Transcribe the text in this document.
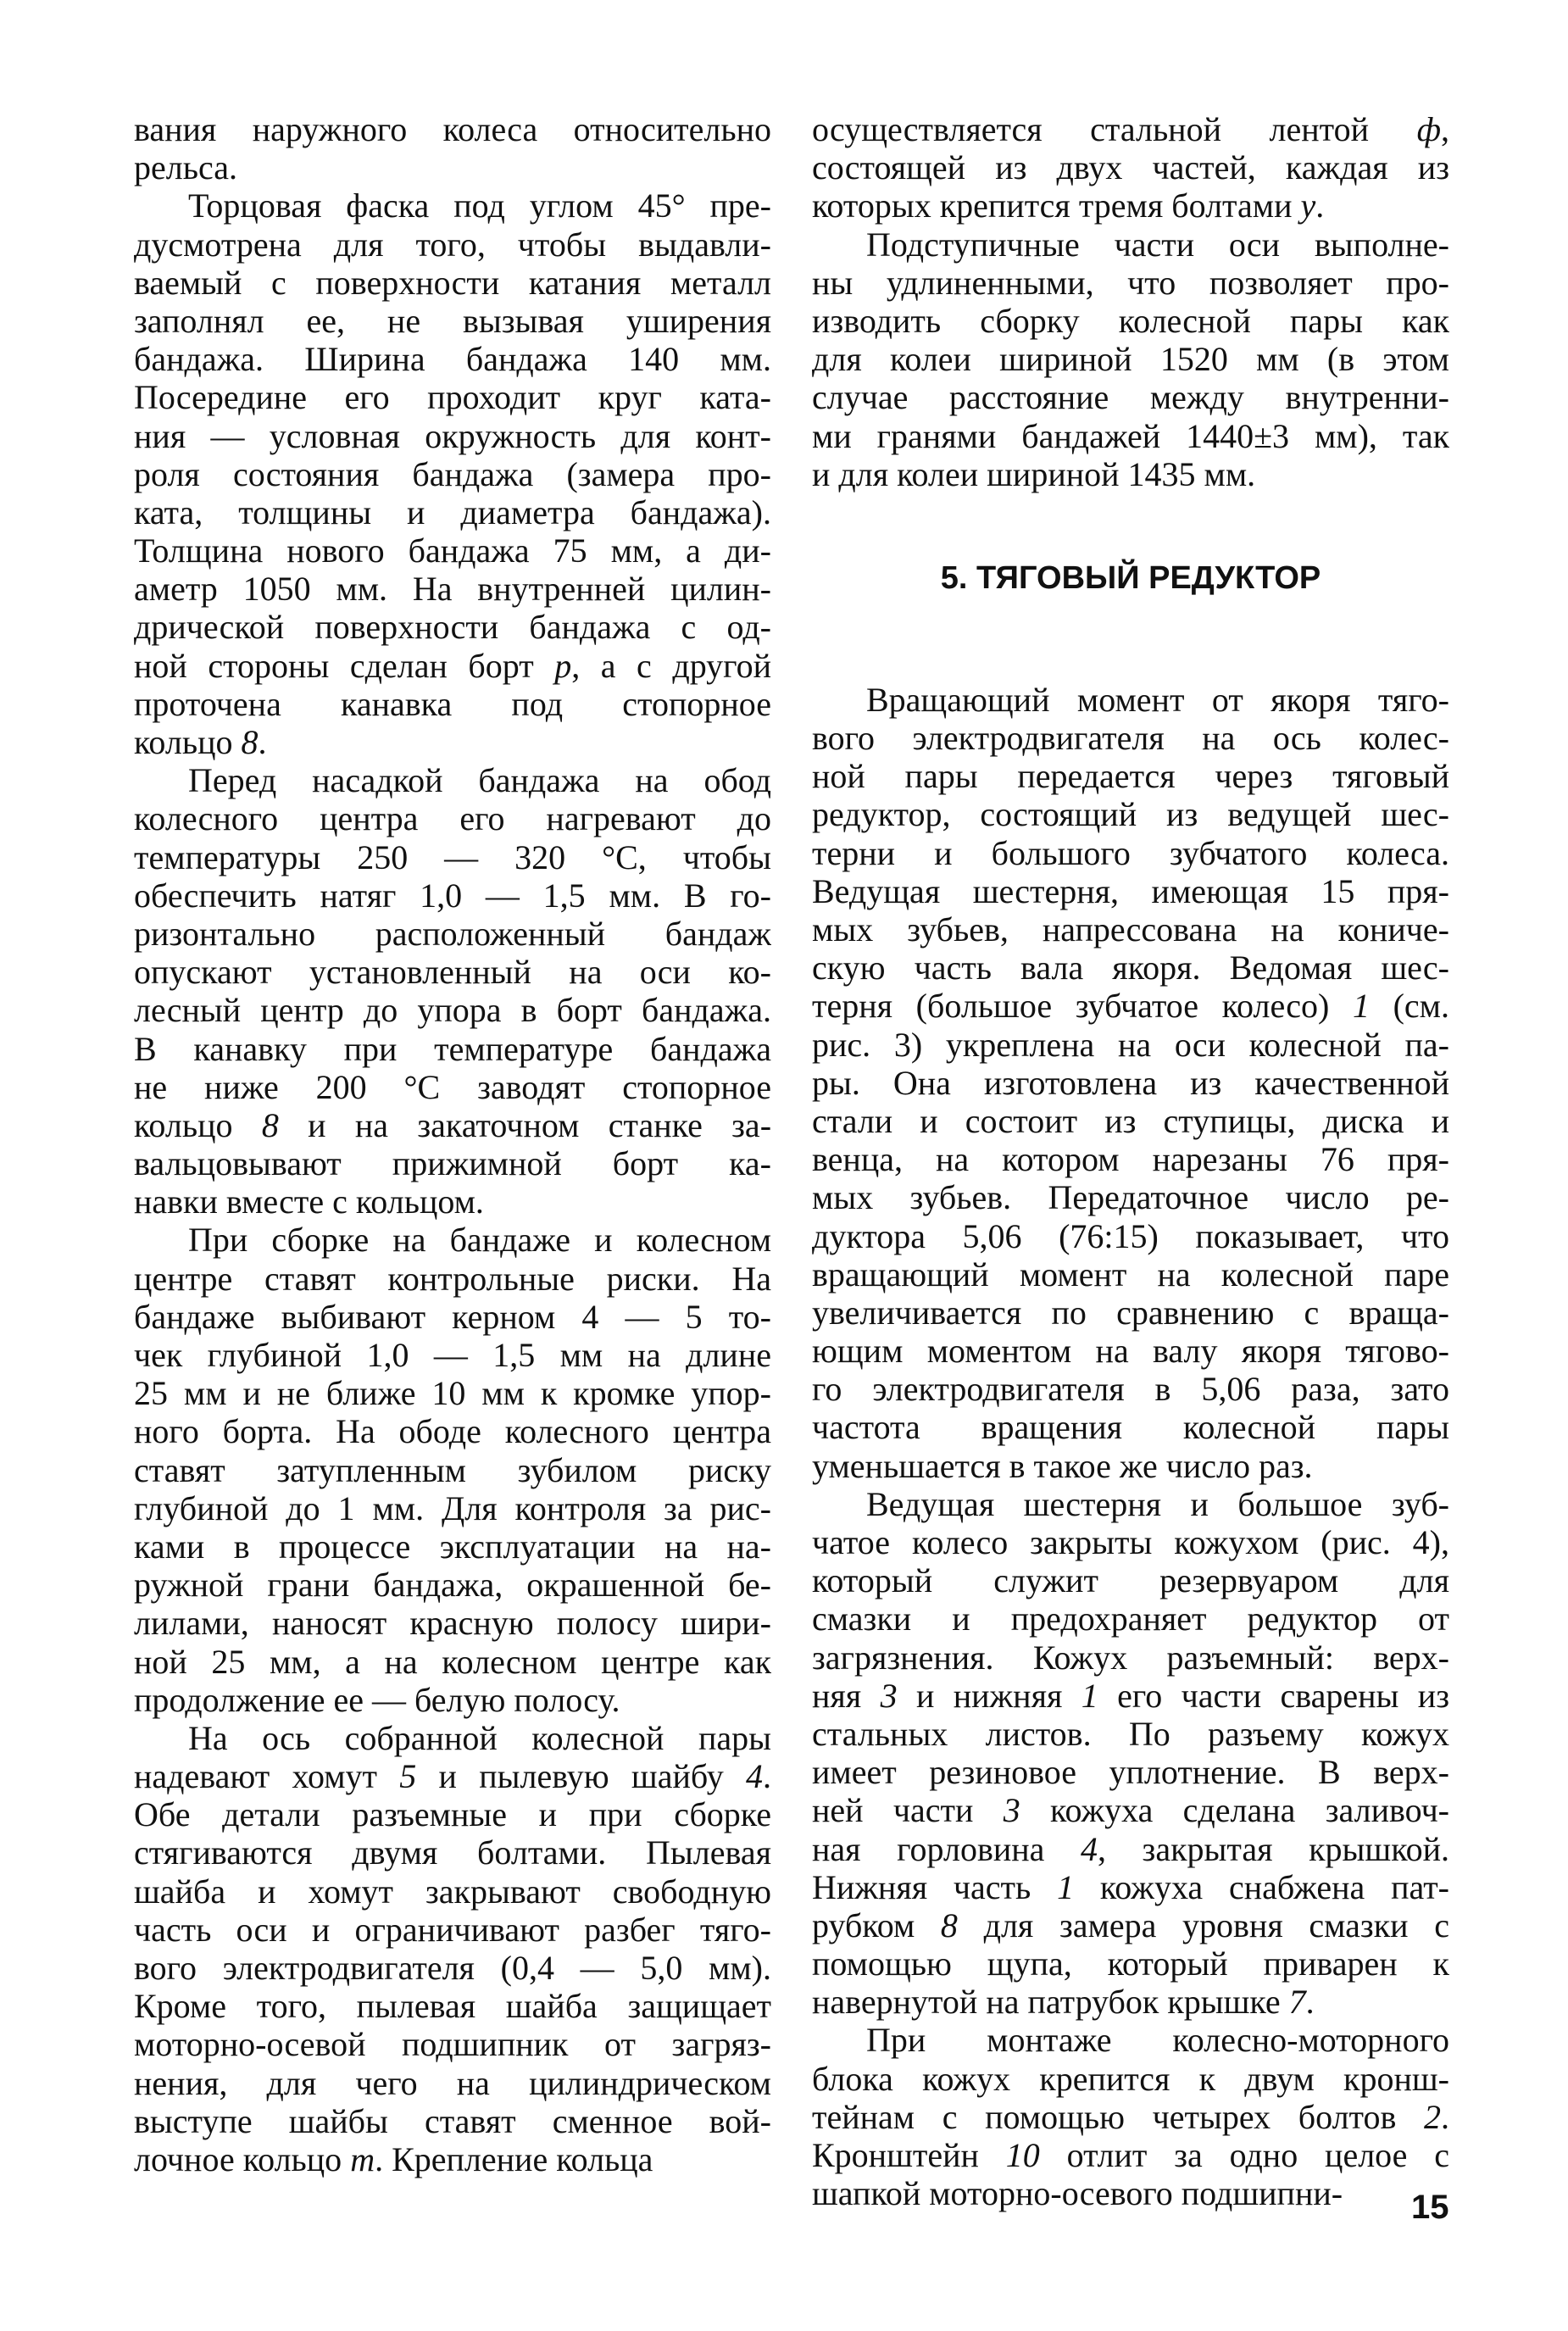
вания наружного колеса относительно
рельса.
Торцовая фаска под углом 45° пре-
дусмотрена для того, чтобы выдавли-
ваемый с поверхности катания металл
заполнял ее, не вызывая уширения
бандажа. Ширина бандажа 140 мм.
Посередине его проходит круг ката-
ния — условная окружность для конт-
роля состояния бандажа (замера про-
ката, толщины и диаметра бандажа).
Толщина нового бандажа 75 мм, а ди-
аметр 1050 мм. На внутренней цилин-
дрической поверхности бандажа с од-
ной стороны сделан борт р, а с другой
проточена канавка под стопорное
кольцо 8.
Перед насадкой бандажа на обод
колесного центра его нагревают до
температуры 250 — 320 °С, чтобы
обеспечить натяг 1,0 — 1,5 мм. В го-
ризонтально расположенный бандаж
опускают установленный на оси ко-
лесный центр до упора в борт бандажа.
В канавку при температуре бандажа
не ниже 200 °С заводят стопорное
кольцо 8 и на закаточном станке за-
вальцовывают прижимной борт ка-
навки вместе с кольцом.
При сборке на бандаже и колесном
центре ставят контрольные риски. На
бандаже выбивают керном 4 — 5 то-
чек глубиной 1,0 — 1,5 мм на длине
25 мм и не ближе 10 мм к кромке упор-
ного борта. На ободе колесного центра
ставят затупленным зубилом риску
глубиной до 1 мм. Для контроля за рис-
ками в процессе эксплуатации на на-
ружной грани бандажа, окрашенной бе-
лилами, наносят красную полосу шири-
ной 25 мм, а на колесном центре как
продолжение ее — белую полосу.
На ось собранной колесной пары
надевают хомут 5 и пылевую шайбу 4.
Обе детали разъемные и при сборке
стягиваются двумя болтами. Пылевая
шайба и хомут закрывают свободную
часть оси и ограничивают разбег тяго-
вого электродвигателя (0,4 — 5,0 мм).
Кроме того, пылевая шайба защищает
моторно-осевой подшипник от загряз-
нения, для чего на цилиндрическом
выступе шайбы ставят сменное вой-
лочное кольцо т. Крепление кольца
осуществляется стальной лентой ф,
состоящей из двух частей, каждая из
которых крепится тремя болтами у.
Подступичные части оси выполне-
ны удлиненными, что позволяет про-
изводить сборку колесной пары как
для колеи шириной 1520 мм (в этом
случае расстояние между внутренни-
ми гранями бандажей 1440±3 мм), так
и для колеи шириной 1435 мм.
5. ТЯГОВЫЙ РЕДУКТОР
Вращающий момент от якоря тяго-
вого электродвигателя на ось колес-
ной пары передается через тяговый
редуктор, состоящий из ведущей шес-
терни и большого зубчатого колеса.
Ведущая шестерня, имеющая 15 пря-
мых зубьев, напрессована на кониче-
скую часть вала якоря. Ведомая шес-
терня (большое зубчатое колесо) 1 (см.
рис. 3) укреплена на оси колесной па-
ры. Она изготовлена из качественной
стали и состоит из ступицы, диска и
венца, на котором нарезаны 76 пря-
мых зубьев. Передаточное число ре-
дуктора 5,06 (76:15) показывает, что
вращающий момент на колесной паре
увеличивается по сравнению с враща-
ющим моментом на валу якоря тягово-
го электродвигателя в 5,06 раза, зато
частота вращения колесной пары
уменьшается в такое же число раз.
Ведущая шестерня и большое зуб-
чатое колесо закрыты кожухом (рис. 4),
который служит резервуаром для
смазки и предохраняет редуктор от
загрязнения. Кожух разъемный: верх-
няя 3 и нижняя 1 его части сварены из
стальных листов. По разъему кожух
имеет резиновое уплотнение. В верх-
ней части 3 кожуха сделана заливоч-
ная горловина 4, закрытая крышкой.
Нижняя часть 1 кожуха снабжена пат-
рубком 8 для замера уровня смазки с
помощью щупа, который приварен к
навернутой на патрубок крышке 7.
При монтаже колесно-моторного
блока кожух крепится к двум кронш-
тейнам с помощью четырех болтов 2.
Кронштейн 10 отлит за одно целое с
шапкой моторно-осевого подшипни-	15
